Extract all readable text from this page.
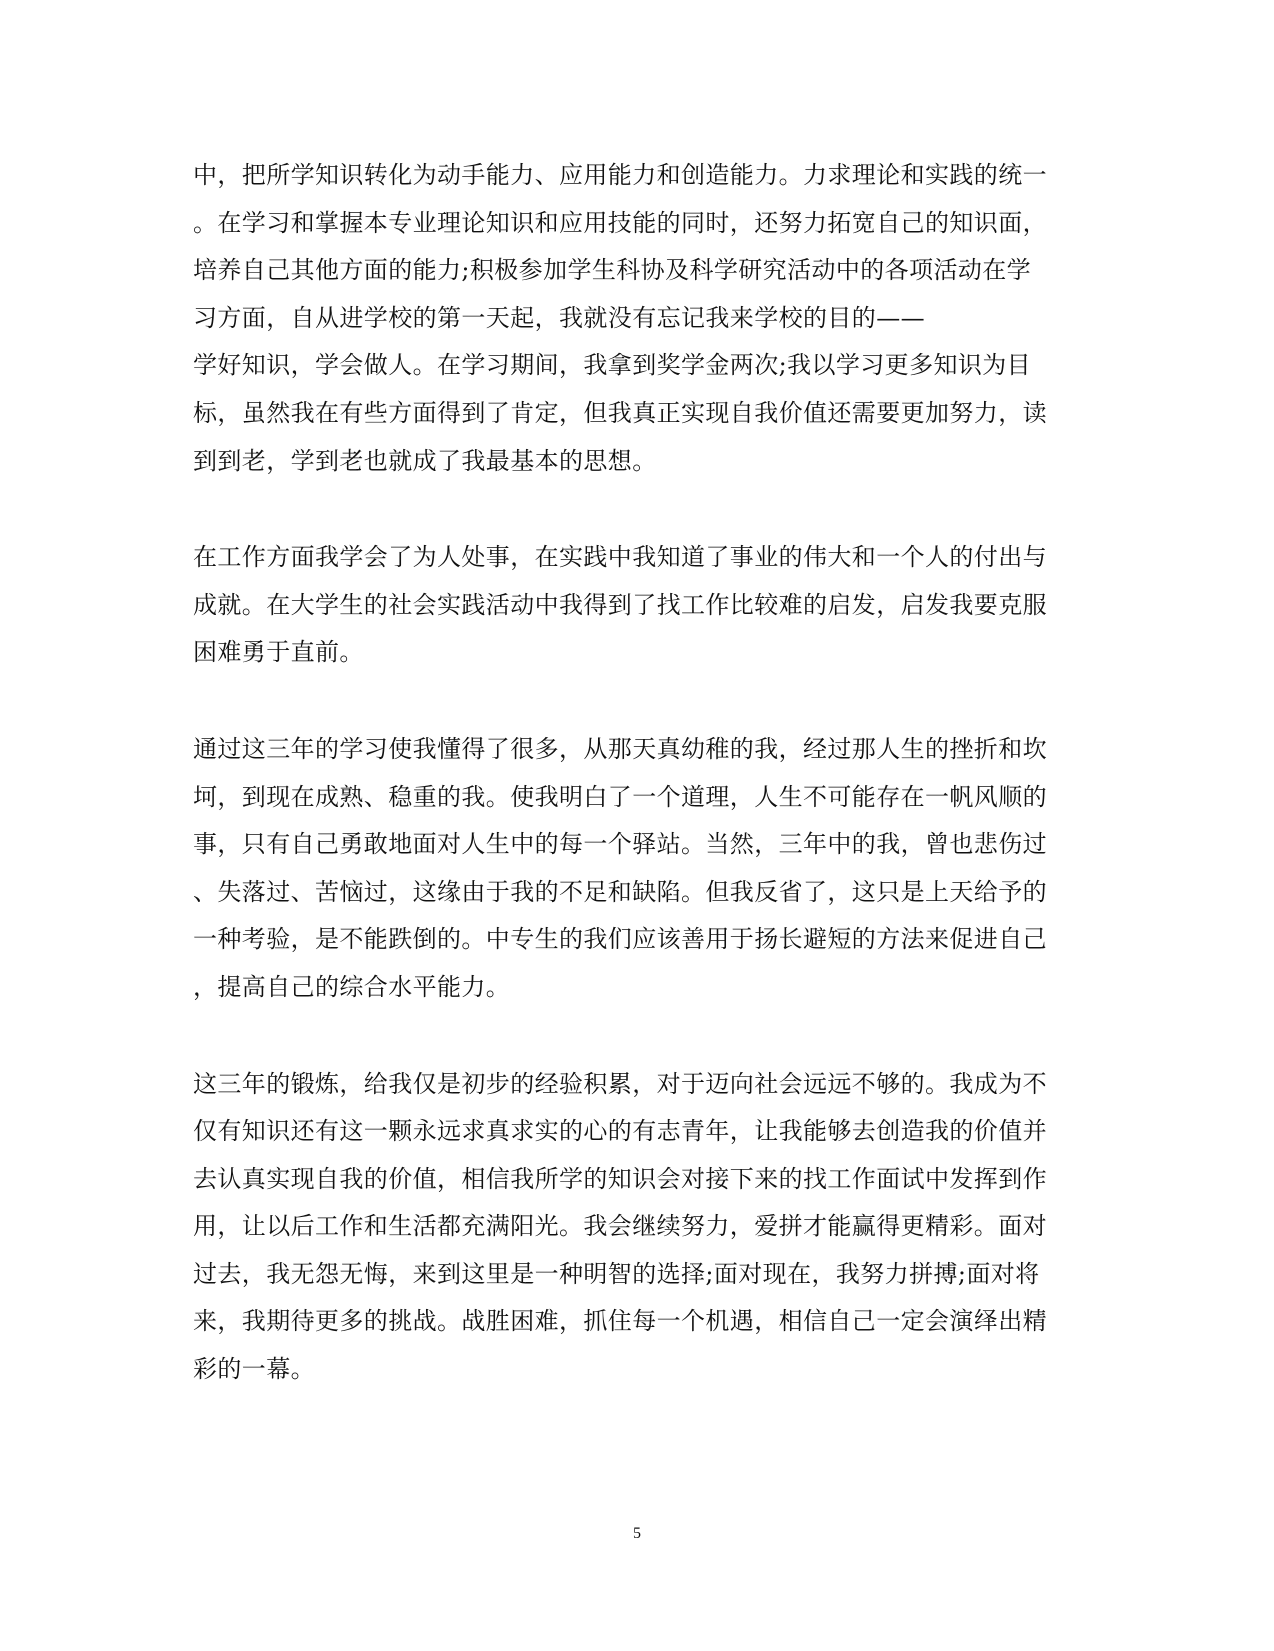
中，把所学知识转化为动手能力、应用能力和创造能力。力求理论和实践的统一
。在学习和掌握本专业理论知识和应用技能的同时，还努力拓宽自己的知识面，
培养自己其他方面的能力;积极参加学生科协及科学研究活动中的各项活动在学
习方面，自从进学校的第一天起，我就没有忘记我来学校的目的——
学好知识，学会做人。在学习期间，我拿到奖学金两次;我以学习更多知识为目
标，虽然我在有些方面得到了肯定，但我真正实现自我价值还需要更加努力，读
到到老，学到老也就成了我最基本的思想。
在工作方面我学会了为人处事，在实践中我知道了事业的伟大和一个人的付出与
成就。在大学生的社会实践活动中我得到了找工作比较难的启发，启发我要克服
困难勇于直前。
通过这三年的学习使我懂得了很多，从那天真幼稚的我，经过那人生的挫折和坎
坷，到现在成熟、稳重的我。使我明白了一个道理，人生不可能存在一帆风顺的
事，只有自己勇敢地面对人生中的每一个驿站。当然，三年中的我，曾也悲伤过
、失落过、苦恼过，这缘由于我的不足和缺陷。但我反省了，这只是上天给予的
一种考验，是不能跌倒的。中专生的我们应该善用于扬长避短的方法来促进自己
，提高自己的综合水平能力。
这三年的锻炼，给我仅是初步的经验积累，对于迈向社会远远不够的。我成为不
仅有知识还有这一颗永远求真求实的心的有志青年，让我能够去创造我的价值并
去认真实现自我的价值，相信我所学的知识会对接下来的找工作面试中发挥到作
用，让以后工作和生活都充满阳光。我会继续努力，爱拼才能赢得更精彩。面对
过去，我无怨无悔，来到这里是一种明智的选择;面对现在，我努力拼搏;面对将
来，我期待更多的挑战。战胜困难，抓住每一个机遇，相信自己一定会演绎出精
彩的一幕。
5
